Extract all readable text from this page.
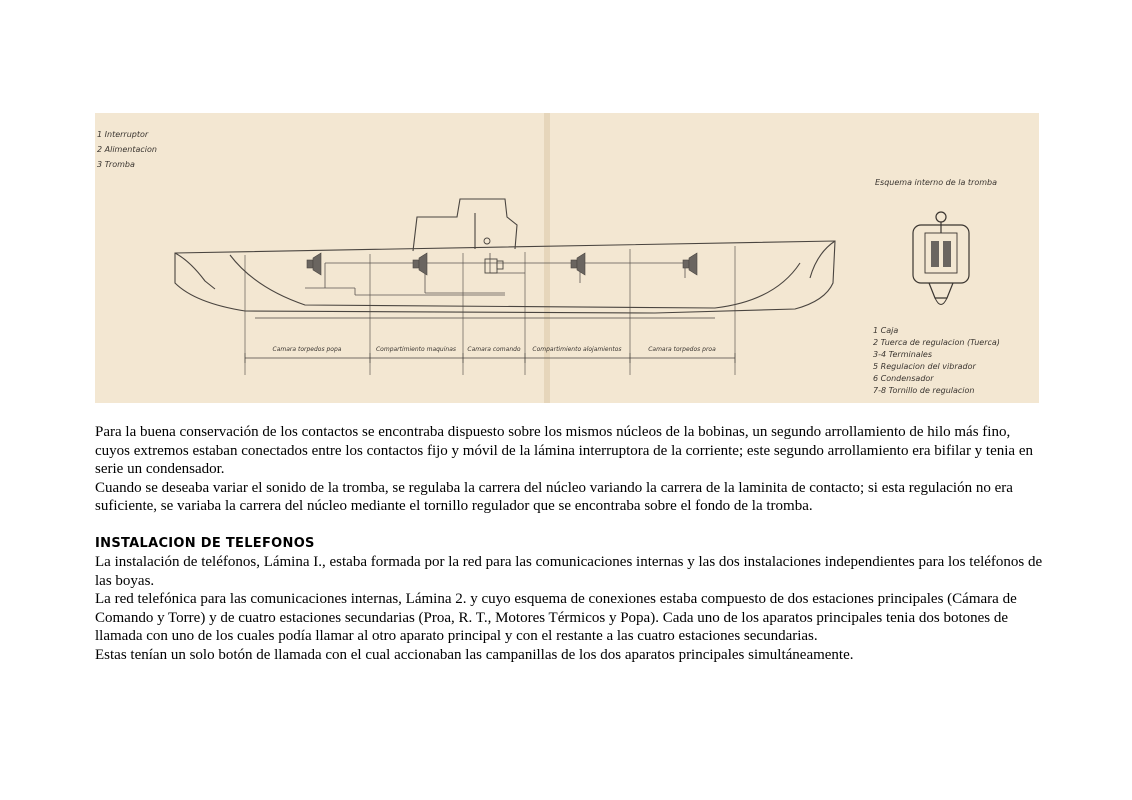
1 Interruptor
2 Alimentacion
3 Tromba
Camara torpedos popa	Compartimiento maquinas Camara comando Compartimiento alojamientos	Camara torpedos proa
Esquema interno de la tromba
1 Caja
2 Tuerca de regulacion (Tuerca)
3-4 Terminales
5 Regulacion del vibrador
6 Condensador
7-8 Tornillo de regulacion

Para la buena conservación de los contactos se encontraba dispuesto sobre los mismos núcleos de la bobinas, un segundo arrollamiento de hilo más fino, cuyos extremos estaban conectados entre los contactos fijo y móvil de la lámina interruptora de la corriente; este segundo arrollamiento era bifilar y tenia en serie un condensador.

Cuando se deseaba variar el sonido de la tromba, se regulaba la carrera del núcleo variando la carrera de la laminita de contacto; si esta regulación no era suficiente, se variaba la carrera del núcleo mediante el tornillo regulador que se encontraba sobre el fondo de la tromba.

INSTALACION DE TELEFONOS

La instalación de teléfonos, Lámina I., estaba formada por la red para las comunicaciones internas y las dos instalaciones independientes para los teléfonos de las boyas.

La red telefónica para las comunicaciones internas, Lámina 2. y cuyo esquema de conexiones estaba compuesto de dos estaciones principales (Cámara de Comando y Torre) y de cuatro estaciones secundarias (Proa, R. T., Motores Térmicos y Popa). Cada uno de los aparatos principales tenia dos botones de llamada con uno de los cuales podía llamar al otro aparato principal y con el restante a las cuatro estaciones secundarias.

Estas tenían un solo botón de llamada con el cual accionaban las campanillas de los dos aparatos principales simultáneamente.
